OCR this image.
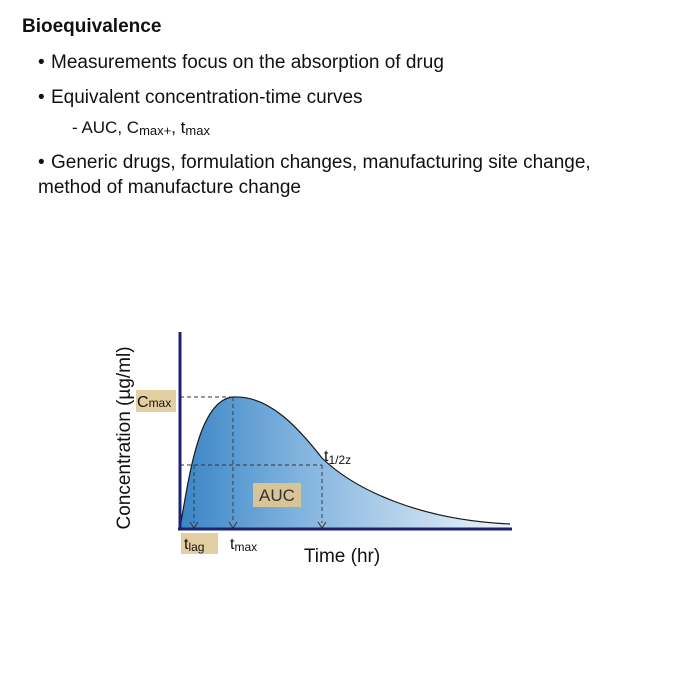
Bioequivalence
• Measurements focus on the absorption of drug
• Equivalent concentration-time curves
- AUC, $C_{max+}$, $t_{max}$
• Generic drugs, formulation changes, manufacturing site change, method of manufacture change
Concentration (µg/ml) Cmax
t1/2z
AUC
tlag tmax Time (hr)
